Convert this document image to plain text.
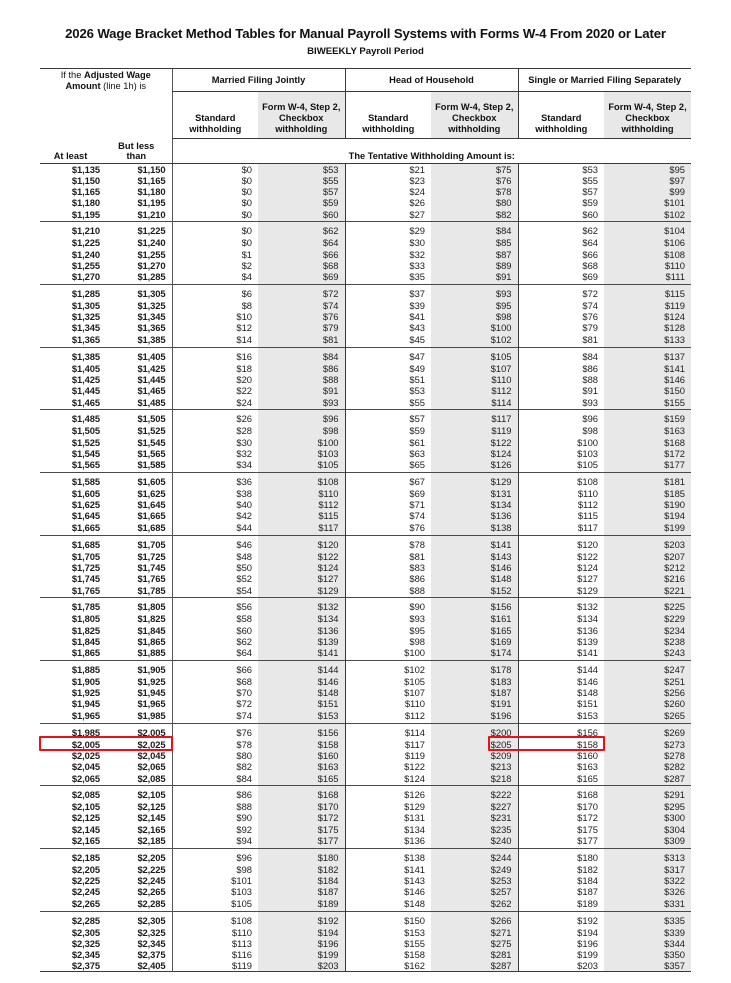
2026 Wage Bracket Method Tables for Manual Payroll Systems with Forms W-4 From 2020 or Later
BIWEEKLY Payroll Period
If the Adjusted Wage
Amount (line 1h) is		Married Filing Jointly		Head of Household		Single or Married Filing Separately	
		Standard
withholding	Form W-4, Step 2,
Checkbox
withholding	Standard
withholding	Form W-4, Step 2,
Checkbox
withholding	Standard
withholding	Form W-4, Step 2,
Checkbox
withholding
At least	But less
than	The Tentative Withholding Amount is:					
$1,135	$1,150	$0	$53	$21	$75	$53	$95
$1,150	$1,165	$0	$55	$23	$76	$55	$97
$1,165	$1,180	$0	$57	$24	$78	$57	$99
$1,180	$1,195	$0	$59	$26	$80	$59	$101
$1,195	$1,210	$0	$60	$27	$82	$60	$102
$1,210	$1,225	$0	$62	$29	$84	$62	$104
$1,225	$1,240	$0	$64	$30	$85	$64	$106
$1,240	$1,255	$1	$66	$32	$87	$66	$108
$1,255	$1,270	$2	$68	$33	$89	$68	$110
$1,270	$1,285	$4	$69	$35	$91	$69	$111
$1,285	$1,305	$6	$72	$37	$93	$72	$115
$1,305	$1,325	$8	$74	$39	$95	$74	$119
$1,325	$1,345	$10	$76	$41	$98	$76	$124
$1,345	$1,365	$12	$79	$43	$100	$79	$128
$1,365	$1,385	$14	$81	$45	$102	$81	$133
$1,385	$1,405	$16	$84	$47	$105	$84	$137
$1,405	$1,425	$18	$86	$49	$107	$86	$141
$1,425	$1,445	$20	$88	$51	$110	$88	$146
$1,445	$1,465	$22	$91	$53	$112	$91	$150
$1,465	$1,485	$24	$93	$55	$114	$93	$155
$1,485	$1,505	$26	$96	$57	$117	$96	$159
$1,505	$1,525	$28	$98	$59	$119	$98	$163
$1,525	$1,545	$30	$100	$61	$122	$100	$168
$1,545	$1,565	$32	$103	$63	$124	$103	$172
$1,565	$1,585	$34	$105	$65	$126	$105	$177
$1,585	$1,605	$36	$108	$67	$129	$108	$181
$1,605	$1,625	$38	$110	$69	$131	$110	$185
$1,625	$1,645	$40	$112	$71	$134	$112	$190
$1,645	$1,665	$42	$115	$74	$136	$115	$194
$1,665	$1,685	$44	$117	$76	$138	$117	$199
$1,685	$1,705	$46	$120	$78	$141	$120	$203
$1,705	$1,725	$48	$122	$81	$143	$122	$207
$1,725	$1,745	$50	$124	$83	$146	$124	$212
$1,745	$1,765	$52	$127	$86	$148	$127	$216
$1,765	$1,785	$54	$129	$88	$152	$129	$221
$1,785	$1,805	$56	$132	$90	$156	$132	$225
$1,805	$1,825	$58	$134	$93	$161	$134	$229
$1,825	$1,845	$60	$136	$95	$165	$136	$234
$1,845	$1,865	$62	$139	$98	$169	$139	$238
$1,865	$1,885	$64	$141	$100	$174	$141	$243
$1,885	$1,905	$66	$144	$102	$178	$144	$247
$1,905	$1,925	$68	$146	$105	$183	$146	$251
$1,925	$1,945	$70	$148	$107	$187	$148	$256
$1,945	$1,965	$72	$151	$110	$191	$151	$260
$1,965	$1,985	$74	$153	$112	$196	$153	$265
$1,985	$2,005	$76	$156	$114	$200	$156	$269
$2,005	$2,025	$78	$158	$117	$205	$158	$273
$2,025	$2,045	$80	$160	$119	$209	$160	$278
$2,045	$2,065	$82	$163	$122	$213	$163	$282
$2,065	$2,085	$84	$165	$124	$218	$165	$287
$2,085	$2,105	$86	$168	$126	$222	$168	$291
$2,105	$2,125	$88	$170	$129	$227	$170	$295
$2,125	$2,145	$90	$172	$131	$231	$172	$300
$2,145	$2,165	$92	$175	$134	$235	$175	$304
$2,165	$2,185	$94	$177	$136	$240	$177	$309
$2,185	$2,205	$96	$180	$138	$244	$180	$313
$2,205	$2,225	$98	$182	$141	$249	$182	$317
$2,225	$2,245	$101	$184	$143	$253	$184	$322
$2,245	$2,265	$103	$187	$146	$257	$187	$326
$2,265	$2,285	$105	$189	$148	$262	$189	$331
$2,285	$2,305	$108	$192	$150	$266	$192	$335
$2,305	$2,325	$110	$194	$153	$271	$194	$339
$2,325	$2,345	$113	$196	$155	$275	$196	$344
$2,345	$2,375	$116	$199	$158	$281	$199	$350
$2,375	$2,405	$119	$203	$162	$287	$203	$357
